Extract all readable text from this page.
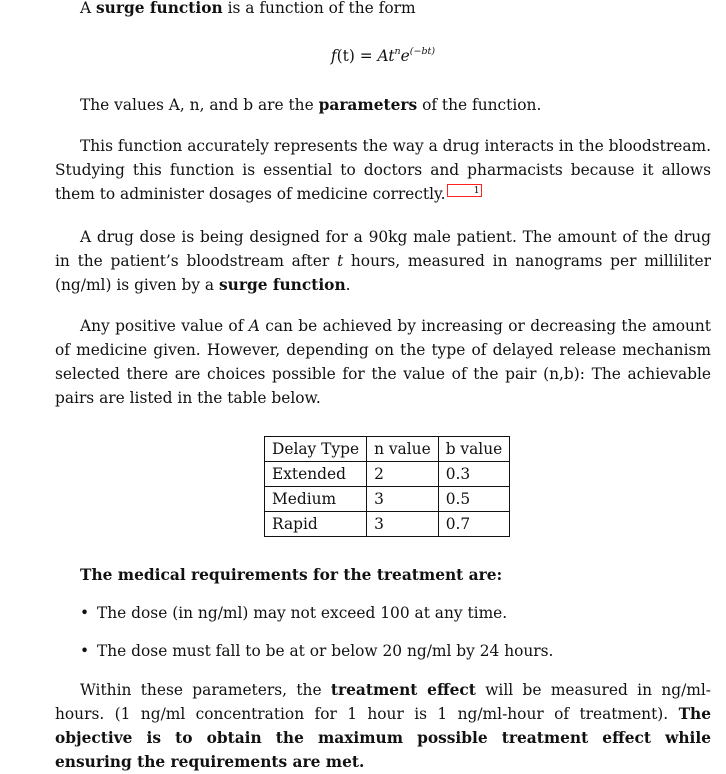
A surge function is a function of the form

$f(t) = At^ne^{(-bt)}$

The values A, n, and b are the parameters of the function.

This function accurately represents the way a drug interacts in the bloodstream. Studying this function is essential to doctors and pharmacists because it allows them to administer dosages of medicine correctly.	1

A drug dose is being designed for a 90kg male patient. The amount of the drug in the patient’s bloodstream after t hours, measured in nanograms per milliliter (ng/ml) is given by a surge function.

Any positive value of A can be achieved by increasing or decreasing the amount of medicine given. However, depending on the type of delayed release mechanism selected there are choices possible for the value of the pair (n,b): The achievable pairs are listed in the table below.

Delay Type	n value	b value
Extended	2	0.3
Medium	3	0.5
Rapid	3	0.7
The medical requirements for the treatment are:
• The dose (in ng/ml) may not exceed 100 at any time.
• The dose must fall to be at or below 20 ng/ml by 24 hours.

Within these parameters, the treatment effect will be measured in ng/ml-hours. (1 ng/ml concentration for 1 hour is 1 ng/ml-hour of treatment). The objective is to obtain the maximum possible treatment effect while ensuring the requirements are met.
